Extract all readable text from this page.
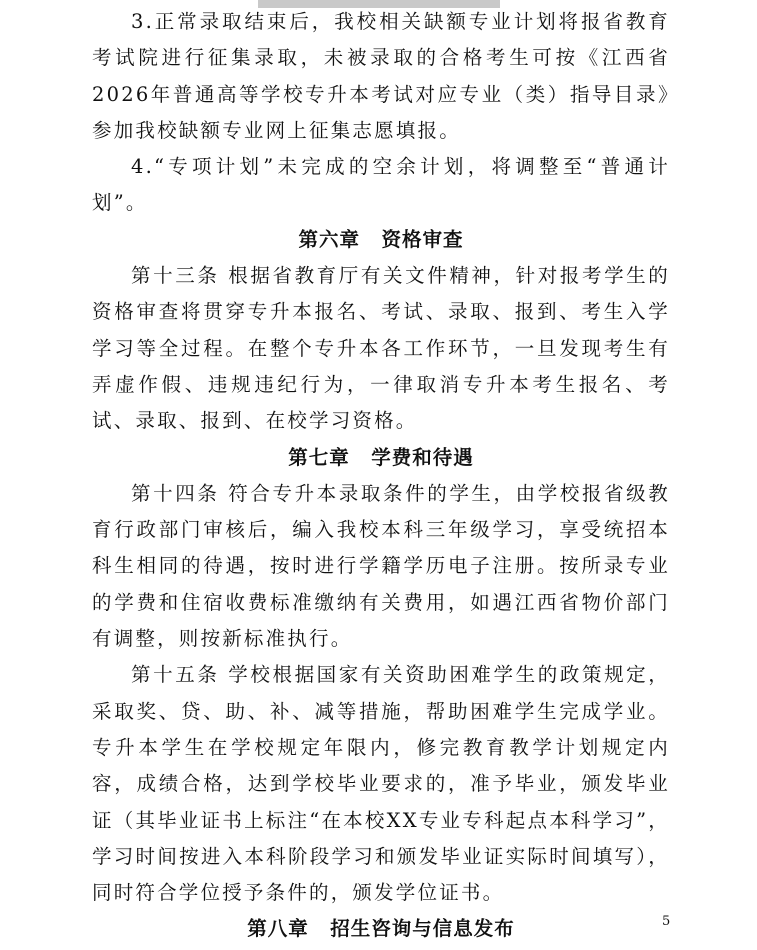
3.正常录取结束后，我校相关缺额专业计划将报省教育考试院进行征集录取，未被录取的合格考生可按《江西省2026年普通高等学校专升本考试对应专业（类）指导目录》参加我校缺额专业网上征集志愿填报。

4.“专项计划”未完成的空余计划，将调整至“普通计划”。

第六章 资格审查

第十三条 根据省教育厅有关文件精神，针对报考学生的资格审查将贯穿专升本报名、考试、录取、报到、考生入学学习等全过程。在整个专升本各工作环节，一旦发现考生有弄虚作假、违规违纪行为，一律取消专升本考生报名、考试、录取、报到、在校学习资格。

第七章 学费和待遇

第十四条 符合专升本录取条件的学生，由学校报省级教育行政部门审核后，编入我校本科三年级学习，享受统招本科生相同的待遇，按时进行学籍学历电子注册。按所录专业的学费和住宿收费标准缴纳有关费用，如遇江西省物价部门有调整，则按新标准执行。

第十五条 学校根据国家有关资助困难学生的政策规定，采取奖、贷、助、补、减等措施，帮助困难学生完成学业。专升本学生在学校规定年限内，修完教育教学计划规定内容，成绩合格，达到学校毕业要求的，准予毕业，颁发毕业证（其毕业证书上标注“在本校XX专业专科起点本科学习”，学习时间按进入本科阶段学习和颁发毕业证实际时间填写），同时符合学位授予条件的，颁发学位证书。

第八章 招生咨询与信息发布	5
